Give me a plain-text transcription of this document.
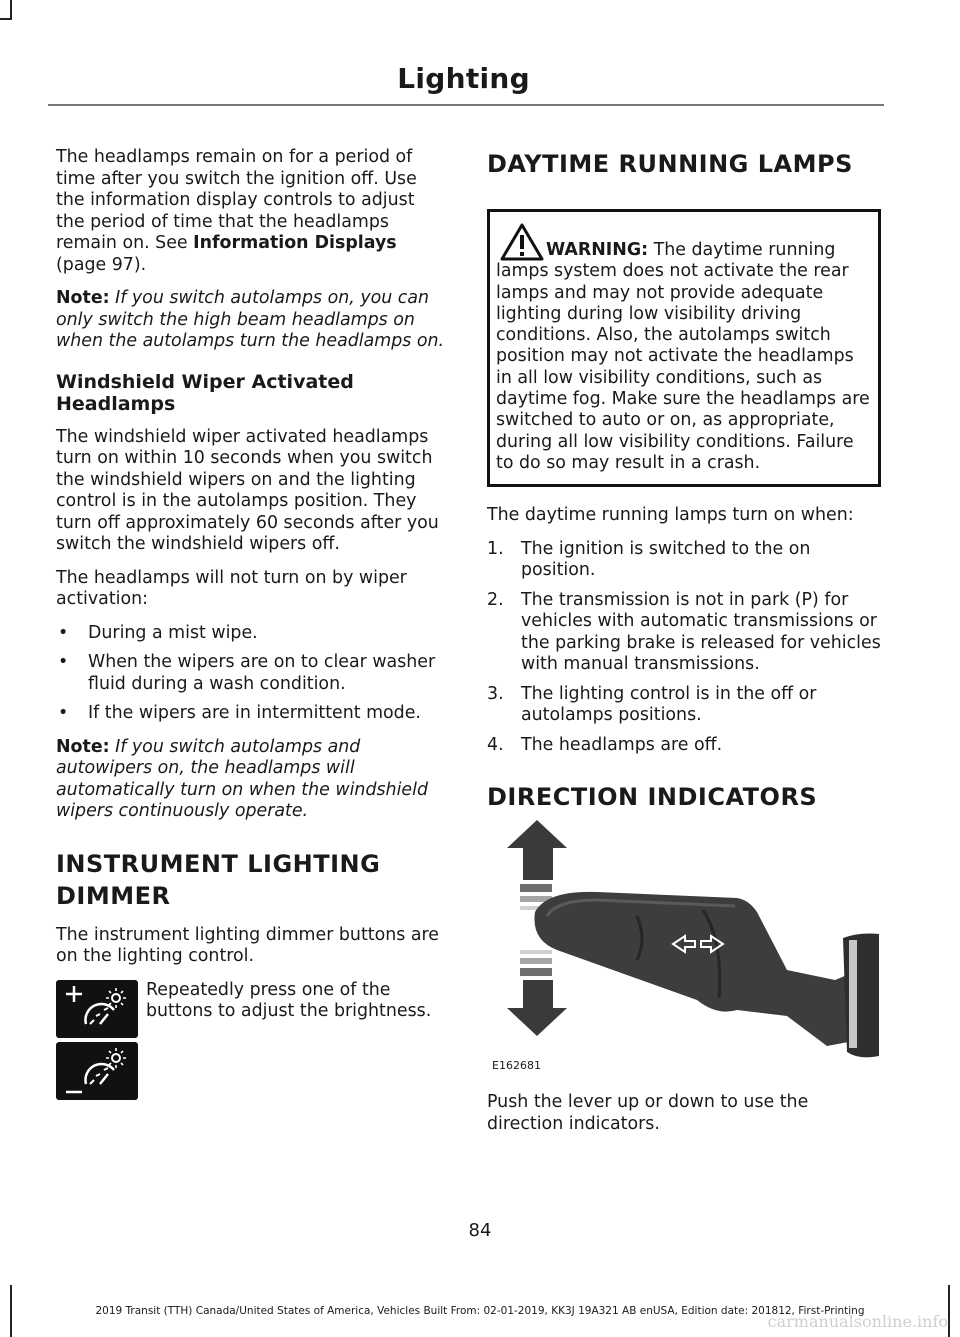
Lighting

The headlamps remain on for a period of time after you switch the ignition off. Use the information display controls to adjust the period of time that the headlamps remain on. See Information Displays (page 97).

Note: If you switch autolamps on, you can only switch the high beam headlamps on when the autolamps turn the headlamps on.

Windshield Wiper Activated Headlamps

The windshield wiper activated headlamps turn on within 10 seconds when you switch the windshield wipers on and the lighting control is in the autolamps position. They turn off approximately 60 seconds after you switch the windshield wipers off.

The headlamps will not turn on by wiper activation:

• During a mist wipe.
• When the wipers are on to clear washer fluid during a wash condition.
• If the wipers are in intermittent mode.

Note: If you switch autolamps and autowipers on, the headlamps will automatically turn on when the windshield wipers continuously operate.

INSTRUMENT LIGHTING
DIMMER

The instrument lighting dimmer buttons are on the lighting control.

Repeatedly press one of the buttons to adjust the brightness.
DAYTIME RUNNING LAMPS
WARNING: The daytime running lamps system does not activate the rear lamps and may not provide adequate lighting during low visibility driving conditions. Also, the autolamps switch position may not activate the headlamps in all low visibility conditions, such as daytime fog. Make sure the headlamps are switched to auto or on, as appropriate, during all low visibility conditions. Failure to do so may result in a crash.

The daytime running lamps turn on when:

1. The ignition is switched to the on position.
2. The transmission is not in park (P) for vehicles with automatic transmissions or the parking brake is released for vehicles with manual transmissions.
3. The lighting control is in the off or autolamps positions.
4. The headlamps are off.
DIRECTION INDICATORS
E162681

Push the lever up or down to use the direction indicators.

84
2019 Transit (TTH) Canada/United States of America, Vehicles Built From: 02-01-2019, KK3J 19A321 AB enUSA, Edition date: 201812, First-Printing
carmanualsonline.info
